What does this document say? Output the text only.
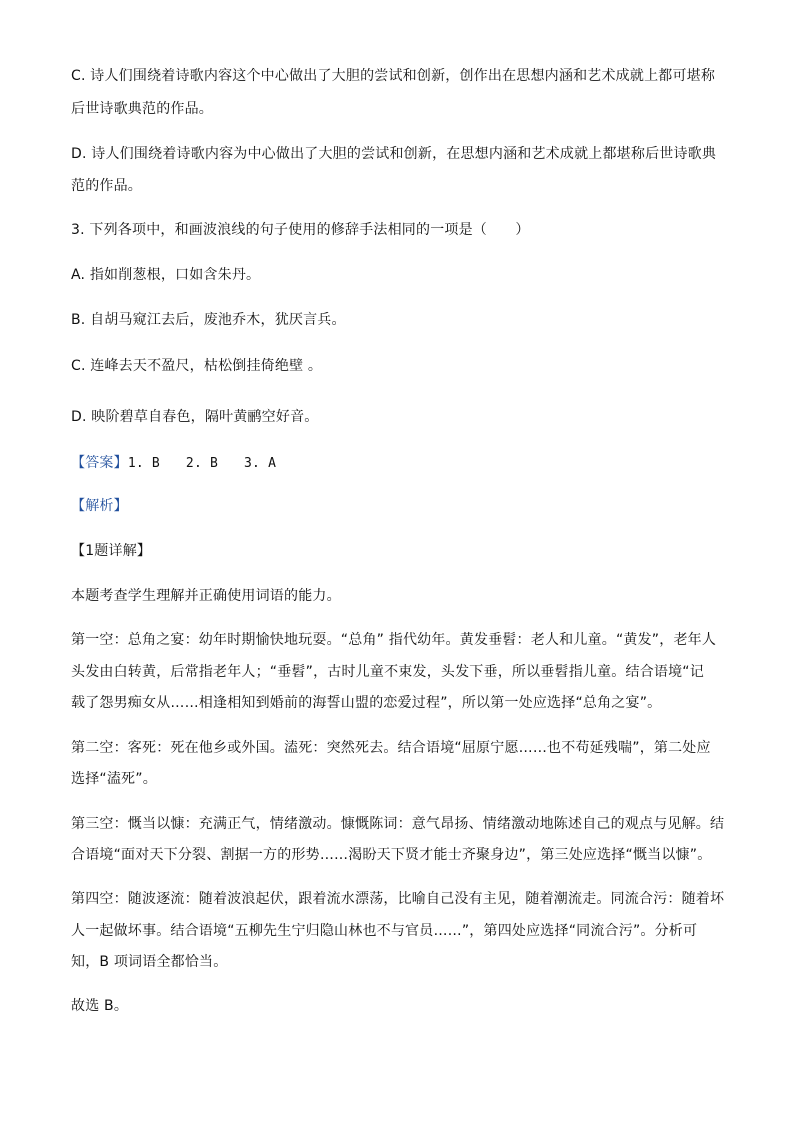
C. 诗人们围绕着诗歌内容这个中心做出了大胆的尝试和创新，创作出在思想内涵和艺术成就上都可堪称
后世诗歌典范的作品。
D. 诗人们围绕着诗歌内容为中心做出了大胆的尝试和创新，在思想内涵和艺术成就上都堪称后世诗歌典
范的作品。
3. 下列各项中，和画波浪线的句子使用的修辞手法相同的一项是（　　）
A. 指如削葱根，口如含朱丹。
B. 自胡马窥江去后，废池乔木，犹厌言兵。
C. 连峰去天不盈尺，枯松倒挂倚绝壁 。
D. 映阶碧草自春色，隔叶黄鹂空好音。
【答案】1. B 2. B 3. A
【解析】
【1题详解】
本题考查学生理解并正确使用词语的能力。
第一空：总角之宴：幼年时期愉快地玩耍。“总角” 指代幼年。黄发垂髫：老人和儿童。“黄发”，老年人
头发由白转黄，后常指老年人；“垂髫”，古时儿童不束发，头发下垂，所以垂髫指儿童。结合语境“记
载了怨男痴女从……相逢相知到婚前的海誓山盟的恋爱过程”，所以第一处应选择“总角之宴”。
第二空：客死：死在他乡或外国。溘死：突然死去。结合语境“屈原宁愿……也不苟延残喘”，第二处应
选择“溘死”。
第三空：慨当以慷：充满正气，情绪激动。慷慨陈词：意气昂扬、情绪激动地陈述自己的观点与见解。结
合语境“面对天下分裂、割据一方的形势……渴盼天下贤才能士齐聚身边”，第三处应选择“慨当以慷”。
第四空：随波逐流：随着波浪起伏，跟着流水漂荡，比喻自己没有主见，随着潮流走。同流合污：随着坏
人一起做坏事。结合语境“五柳先生宁归隐山林也不与官员……”，第四处应选择“同流合污”。分析可
知，B 项词语全都恰当。
故选 B。
